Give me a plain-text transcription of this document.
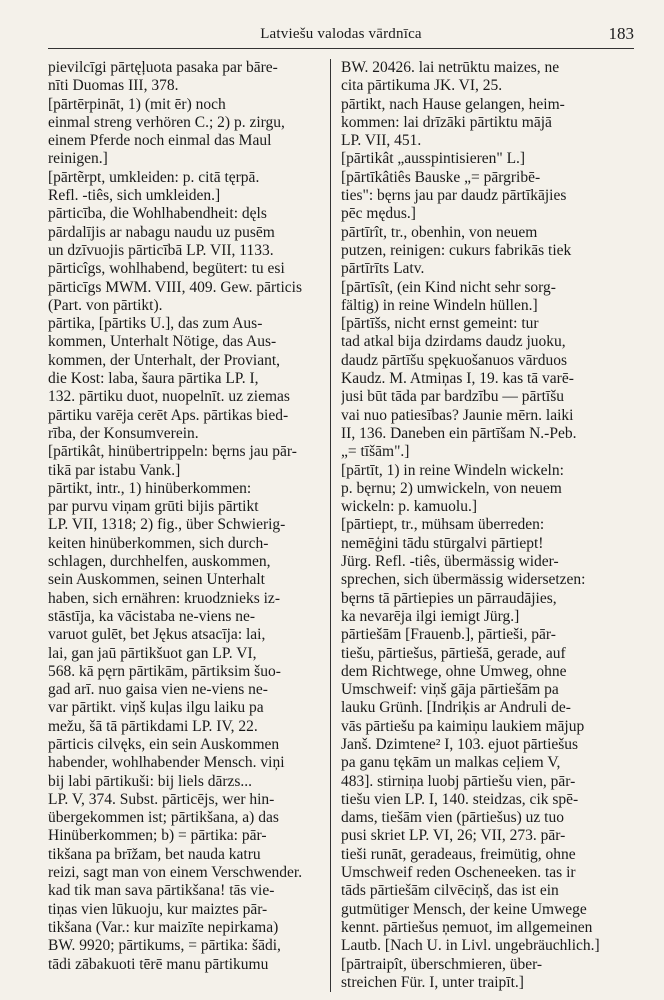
Latviešu valodas vārdnīca	183
pievilcīgi pārtęļuota pasaka par bāre-
nīti Duomas III, 378.
[pārtērpināt, 1) (mit ēr) noch
einmal streng verhören C.; 2) p. zirgu,
einem Pferde noch einmal das Maul
reinigen.]
[pārtẽrpt, umkleiden: p. citā tęrpā.
Refl. -tiês, sich umkleiden.]
pārticība, die Wohlhabendheit: dęls
pārdalījis ar nabagu naudu uz pusēm
un dzīvuojis pārticībā LP. VII, 1133.
pārticîgs, wohlhabend, begütert: tu esi
pārticīgs MWM. VIII, 409. Gew. pārticis
(Part. von pārtikt).
pārtika, [pārtiks U.], das zum Aus-
kommen, Unterhalt Nötige, das Aus-
kommen, der Unterhalt, der Proviant,
die Kost: laba, šaura pārtika LP. I,
132. pārtiku duot, nuopelnīt. uz ziemas
pārtiku varēja cerēt Aps. pārtikas bied-
rība, der Konsumverein.
[pārtikât, hinübertrippeln: bęrns jau pār-
tikā par istabu Vank.]
pārtikt, intr., 1) hinüberkommen:
par purvu viņam grūti bijis pārtikt
LP. VII, 1318; 2) fig., über Schwierig-
keiten hinüberkommen, sich durch-
schlagen, durchhelfen, auskommen,
sein Auskommen, seinen Unterhalt
haben, sich ernähren: kruodznieks iz-
stāstīja, ka vācistaba ne-viens ne-
varuot gulēt, bet Jękus atsacīja: lai,
lai, gan jaū pārtikšuot gan LP. VI,
568. kā pęrn pārtikām, pārtiksim šuo-
gad arī. nuo gaisa vien ne-viens ne-
var pārtikt. viņš kuļas ilgu laiku pa
mežu, šā tā pārtikdami LP. IV, 22.
pārticis cilvęks, ein sein Auskommen
habender, wohlhabender Mensch. viņi
bij labi pārtikuši: bij liels dārzs...
LP. V, 374. Subst. pārticējs, wer hin-
übergekommen ist; pārtikšana, a) das
Hinüberkommen; b) = pārtika: pār-
tikšana pa brīžam, bet nauda katru
reizi, sagt man von einem Verschwender.
kad tik man sava pārtikšana! tās vie-
tiņas vien lūkuoju, kur maiztes pār-
tikšana (Var.: kur maizīte nepirkama)
BW. 9920; pārtikums, = pārtika: šādi,
tādi zābakuoti tērē manu pārtikumu
BW. 20426. lai netrūktu maizes, ne
cita pārtikuma JK. VI, 25.
pārtikt, nach Hause gelangen, heim-
kommen: lai drīzāki pārtiktu mājā
LP. VII, 451.
[pārtikât „ausspintisieren" L.]
[pārtīkâtiês Bauske „= pārgribē-
ties": bęrns jau par daudz pārtīkājies
pēc mędus.]
pārtīrît, tr., obenhin, von neuem
putzen, reinigen: cukurs fabrikās tiek
pārtīrīts Latv.
[pārtīsît, (ein Kind nicht sehr sorg-
fältig) in reine Windeln hüllen.]
[pārtīšs, nicht ernst gemeint: tur
tad atkal bija dzirdams daudz juoku,
daudz pārtīšu spękuošanuos vārduos
Kaudz. M. Atmiņas I, 19. kas tā varē-
jusi būt tāda par bardzību — pārtīšu
vai nuo patiesības? Jaunie mērn. laiki
II, 136. Daneben ein pārtīšam N.-Peb.
„= tīšām".]
[pārtīt, 1) in reine Windeln wickeln:
p. bęrnu; 2) umwickeln, von neuem
wickeln: p. kamuolu.]
[pārtiept, tr., mühsam überreden:
nemēģini tādu stūrgalvi pārtiept!
Jürg. Refl. -tiês, übermässig wider-
sprechen, sich übermässig widersetzen:
bęrns tā pārtiepies un pārraudājies,
ka nevarēja ilgi iemigt Jürg.]
pārtiešām [Frauenb.], pārtieši, pār-
tiešu, pārtiešus, pārtiešā, gerade, auf
dem Richtwege, ohne Umweg, ohne
Umschweif: viņš gāja pārtiešām pa
lauku Grünh. [Indriķis ar Andruli de-
vās pārtiešu pa kaimiņu laukiem mājup
Janš. Dzimtene² I, 103. ejuot pārtiešus
pa ganu tękām un malkas ceļiem V,
483]. stirniņa luobj pārtiešu vien, pār-
tiešu vien LP. I, 140. steidzas, cik spē-
dams, tiešām vien (pārtiešus) uz tuo
pusi skriet LP. VI, 26; VII, 273. pār-
tieši runāt, geradeaus, freimütig, ohne
Umschweif reden Oscheneeken. tas ir
tāds pārtiešām cilvēciņš, das ist ein
gutmütiger Mensch, der keine Umwege
kennt. pārtiešus ņemuot, im allgemeinen
Lautb. [Nach U. in Livl. ungebräuchlich.]
[pārtraipît, überschmieren, über-
streichen Für. I, unter traipīt.]
